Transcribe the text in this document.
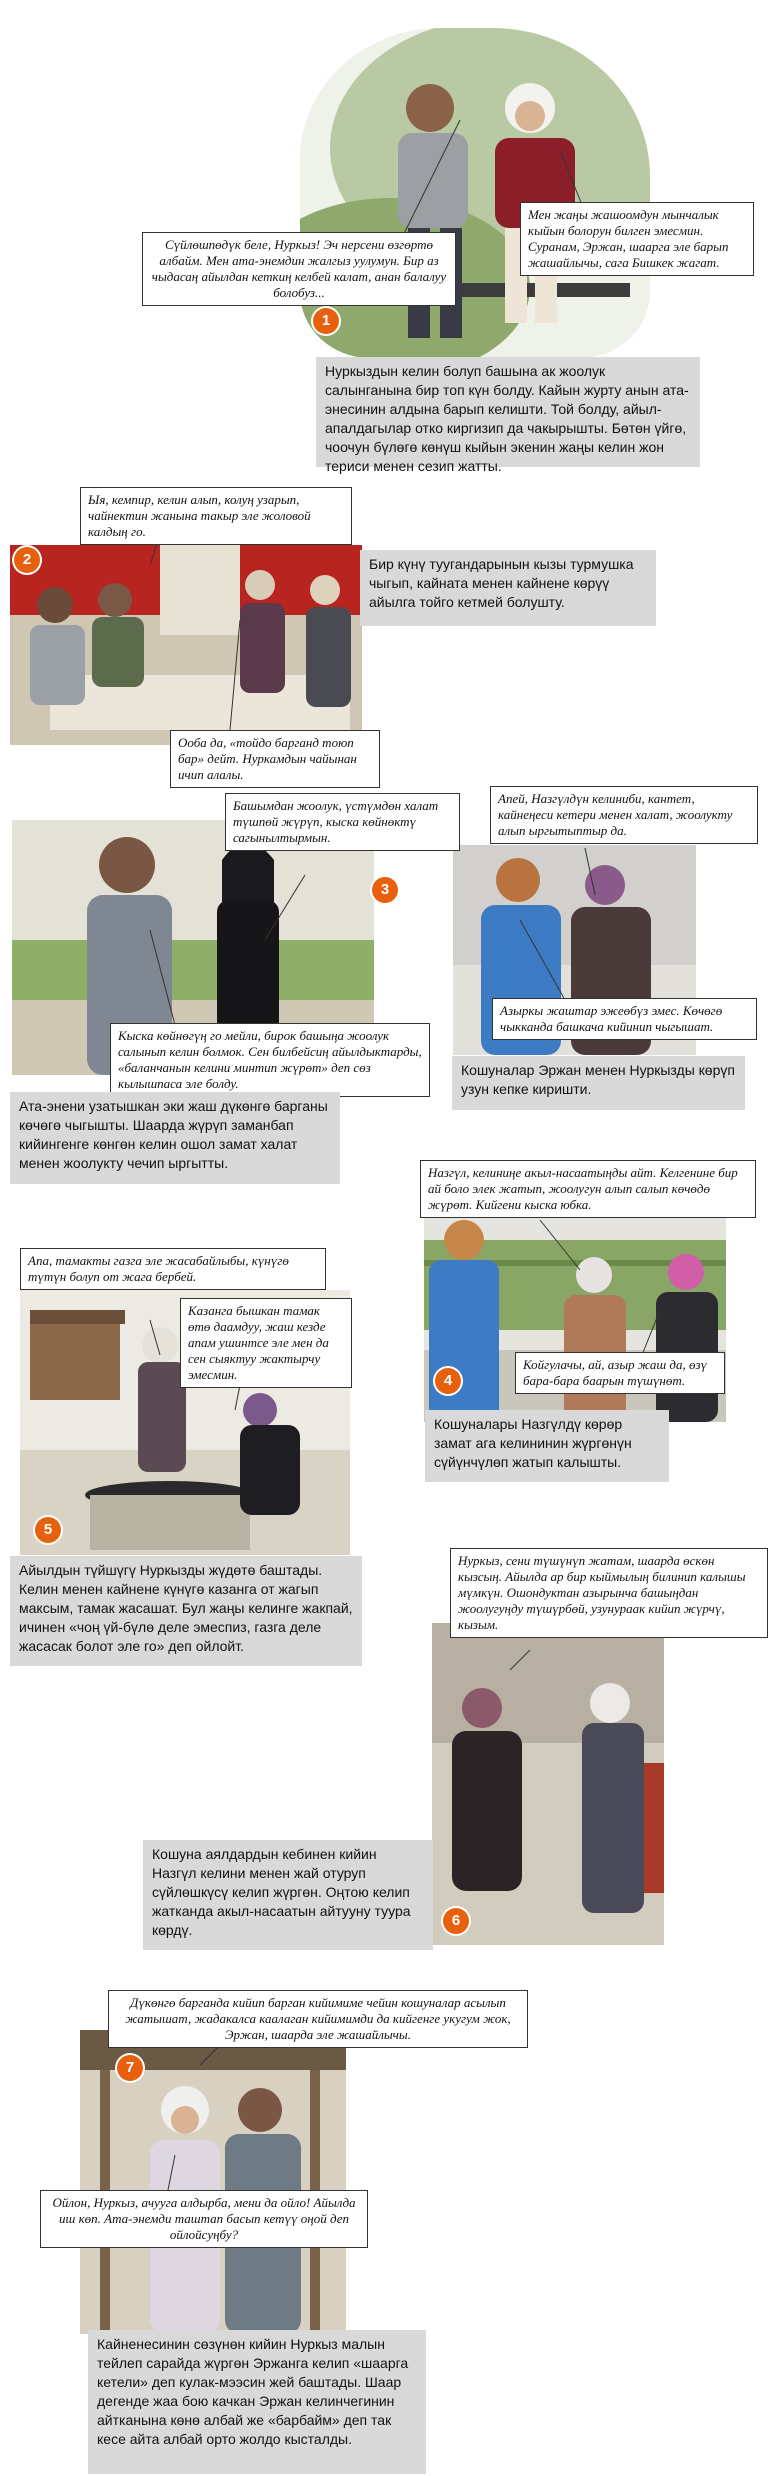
Сүйлөшпөдүк беле, Нуркыз! Эч нерсени өзгөртө албайм. Мен ата-энемдин жалгыз уулумун. Бир аз чыдасаң айылдан кеткиң келбей калат, анан балалуу болобуз...
Мен жаңы жашоомдун мынчалык кыйын болорун билген эмесмин. Суранам, Эржан, шаарга эле барып жашайлычы, сага Бишкек жагат.
1
Нуркыздын келин болуп башына ак жоолук салынганына бир топ күн болду. Кайын журту анын ата-энесинин алдына барып келишти. Той болду, айыл-апалдагылар отко киргизип да чакырышты. Бөтөн үйгө, чоочун бүлөгө көнүш кыйын экенин жаңы келин жон териси менен сезип жатты.
Ыя, кемпир, келин алып, колуң узарып, чайнектин жанына такыр эле жоловой калдың го.
2	Бир күнү туугандарынын кызы турмушка чыгып, кайната менен кайнене көрүү айылга тойго кетмей болушту.
Ооба да, «тойдо барганд тоюп бар» дейт. Нуркамдын чайынан ичип алалы.
Башымдан жоолук, үстүмдөн халат түшпөй жүрүп, кыска көйнөктү сагынылтырмын.
3
Кыска көйнөгүң го мейли, бирок башыңа жоолук салынып келин болмок. Сен билбейсиң айылдыктарды, «баланчанын келини минтип жүрөт» деп сөз кылышпаса эле болду.
Ата-энени узатышкан эки жаш дүкөнгө барганы көчөгө чыгышты. Шаарда жүрүп заманбап кийингенге көнгөн келин ошол замат халат менен жоолукту чечип ыргытты.
Апей, Назгүлдүн келиниби, кантет, кайнеңеси кетери менен халат, жоолукту алып ыргытыптыр да.
Азыркы жаштар эжеөбүз эмес. Көчөгө чыкканда башкача кийинип чыгышат.
Кошуналар Эржан менен Нуркызды көрүп узун кепке киришти.
Назгүл, келиниңе акыл-насаатыңды айт. Келгенине бир ай боло элек жатып, жоолугун алып салып көчөдө жүрөт. Кийгени кыска юбка.
Койгулачы, ай, азыр жаш да, өзү бара-бара баарын түшүнөт.
4
Кошуналары Назгүлдү көрөр замат ага келининин жүргөнүн сүйүнчүлөп жатып калышты.
Апа, тамакты газга эле жасабайлыбы, күнүгө түтүн болуп от жага бербей.
Казанга бышкан тамак өтө даамдуу, жаш кезде апам ушинтсе эле мен да сен сыяктуу жактырчу эмесмин.
5
Айылдын түйшүгү Нуркызды жүдөтө баштады. Келин менен кайнене күнүгө казанга от жагып максым, тамак жасашат. Бул жаңы келинге жакпай, ичинен «чоң үй-бүлө деле эмеспиз, газга деле жасасак болот эле го» деп ойлойт.
Нуркыз, сени түшүнүп жатам, шаарда өскөн кызсың. Айылда ар бир кыймылың билинип калышы мүмкүн. Ошондуктан азырынча башыңдан жоолугуңду түшүрбөй, узунураак кийип жүрчү, кызым.
Кошуна аялдардын кебинен кийин Назгүл келини менен жай отуруп сүйлөшкүсү келип жүргөн. Оңтою келип жаткандa акыл-насаатын айтууну туура көрдү.
6
Дүкөнгө барганда кийип барган кийимиме чейин кошуналар асылып жатышат, жадакалса каалаган кийимимди да кийгенге укугум жок, Эржан, шаарда эле жашайлычы.
7
Ойлон, Нуркыз, ачууга алдырба, мени да ойло! Айылда иш көп. Ата-энемди таштап басып кетүү оңой деп ойлойсуңбу?
Кайненесинин сөзүнөн кийин Нуркыз малын тейлеп сарайда жүргөн Эржанга келип «шаарга кетели» деп кулак-мээсин жей баштады. Шаар дегенде жаа бою качкан Эржан келинчегинин айтканына көнө албай же «барбайм» деп так кесе айта албай орто жолдо кысталды.
